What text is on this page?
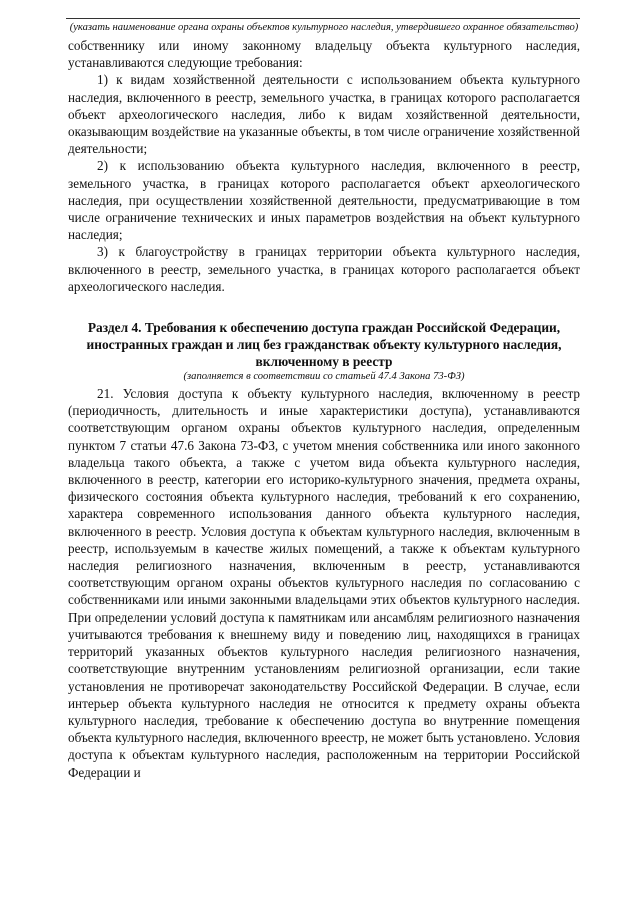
(указать наименование органа охраны объектов культурного наследия, утвердившего охранное обязательство)

собственнику или иному законному владельцу объекта культурного наследия, устанавливаются следующие требования:

1) к видам хозяйственной деятельности с использованием объекта культурного наследия, включенного в реестр, земельного участка, в границах которого располагается объект археологического наследия, либо к видам хозяйственной деятельности, оказывающим воздействие на указанные объекты, в том числе ограничение хозяйственной деятельности;

2) к использованию объекта культурного наследия, включенного в реестр, земельного участка, в границах которого располагается объект археологического наследия, при осуществлении хозяйственной деятельности, предусматривающие в том числе ограничение технических и иных параметров воздействия на объект культурного наследия;

3) к благоустройству в границах территории объекта культурного наследия, включенного в реестр, земельного участка, в границах которого располагается объект археологического наследия.

Раздел 4. Требования к обеспечению доступа граждан Российской Федерации, иностранных граждан и лиц без гражданствак объекту культурного наследия, включенному в реестр
(заполняется в соответствии со статьей 47.4 Закона 73-ФЗ)

21. Условия доступа к объекту культурного наследия, включенному в реестр (периодичность, длительность и иные характеристики доступа), устанавливаются соответствующим органом охраны объектов культурного наследия, определенным пунктом 7 статьи 47.6 Закона 73-ФЗ, с учетом мнения собственника или иного законного владельца такого объекта, а также с учетом вида объекта культурного наследия, включенного в реестр, категории его историко-культурного значения, предмета охраны, физического состояния объекта культурного наследия, требований к его сохранению, характера современного использования данного объекта культурного наследия, включенного в реестр. Условия доступа к объектам культурного наследия, включенным в реестр, используемым в качестве жилых помещений, а также к объектам культурного наследия религиозного назначения, включенным в реестр, устанавливаются соответствующим органом охраны объектов культурного наследия по согласованию с собственниками или иными законными владельцами этих объектов культурного наследия. При определении условий доступа к памятникам или ансамблям религиозного назначения учитываются требования к внешнему виду и поведению лиц, находящихся в границах территорий указанных объектов культурного наследия религиозного назначения, соответствующие внутренним установлениям религиозной организации, если такие установления не противоречат законодательству Российской Федерации. В случае, если интерьер объекта культурного наследия не относится к предмету охраны объекта культурного наследия, требование к обеспечению доступа во внутренние помещения объекта культурного наследия, включенного вреестр, не может быть установлено. Условия доступа к объектам культурного наследия, расположенным на территории Российской Федерации и
